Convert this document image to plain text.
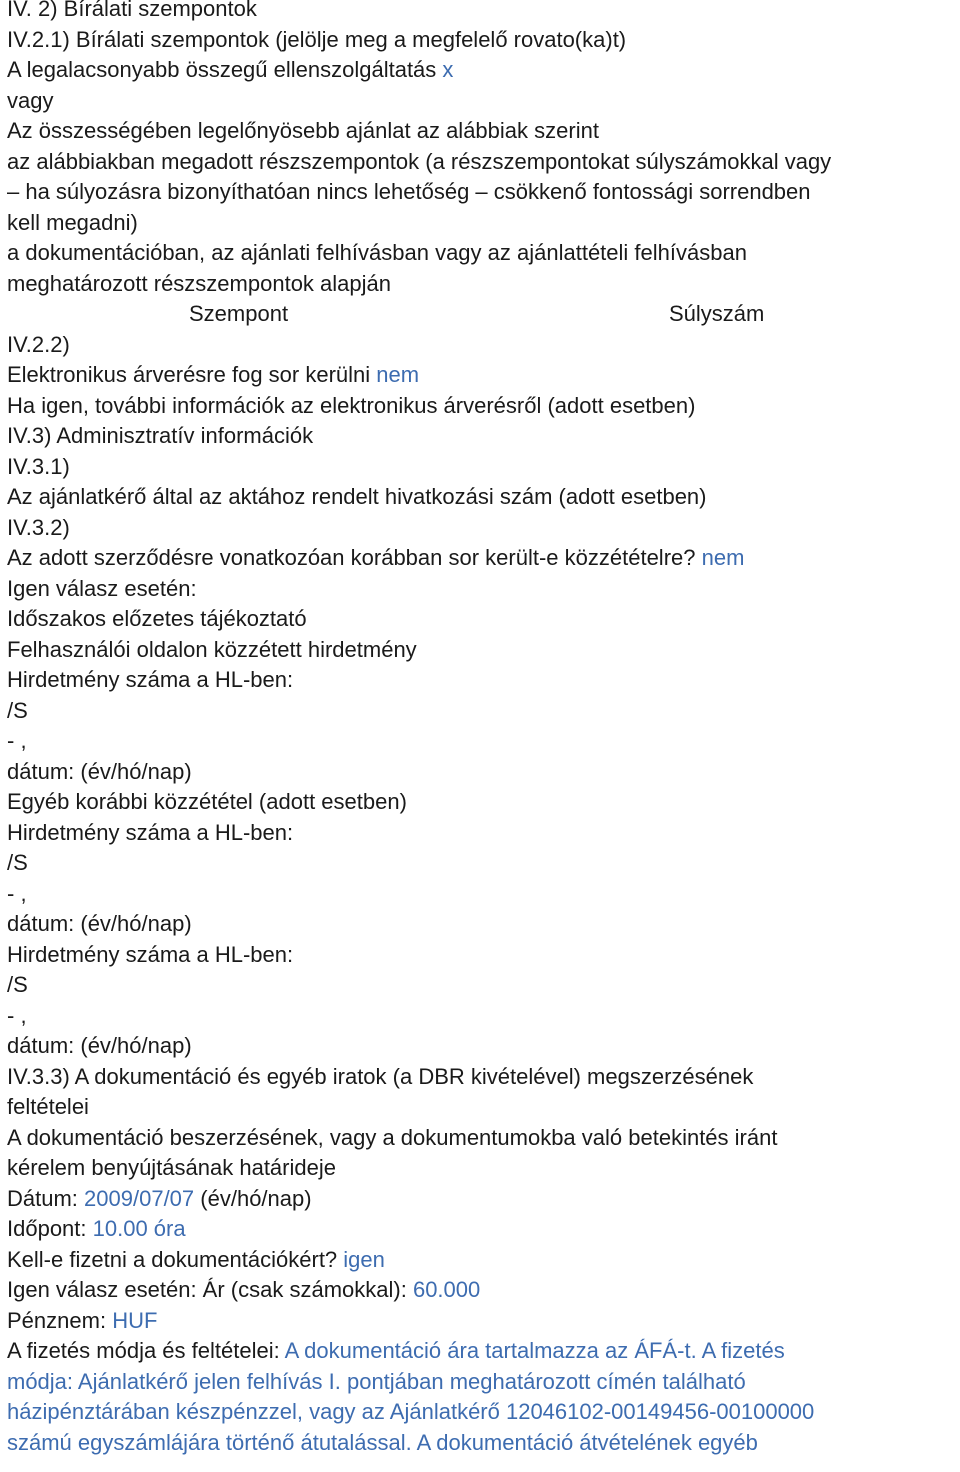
IV. 2) Bírálati szempontok
IV.2.1) Bírálati szempontok (jelölje meg a megfelelő rovato(ka)t)
A legalacsonyabb összegű ellenszolgáltatás x
vagy
Az összességében legelőnyösebb ajánlat az alábbiak szerint
az alábbiakban megadott részszempontok (a részszempontokat súlyszámokkal vagy
– ha súlyozásra bizonyíthatóan nincs lehetőség – csökkenő fontossági sorrendben
kell megadni)
a dokumentációban, az ajánlati felhívásban vagy az ajánlattételi felhívásban
meghatározott részszempontok alapján
Szempont	Súlyszám
IV.2.2)
Elektronikus árverésre fog sor kerülni nem
Ha igen, további információk az elektronikus árverésről (adott esetben)
IV.3) Adminisztratív információk
IV.3.1)
Az ajánlatkérő által az aktához rendelt hivatkozási szám (adott esetben)
IV.3.2)
Az adott szerződésre vonatkozóan korábban sor került-e közzétételre? nem
Igen válasz esetén:
Időszakos előzetes tájékoztató
Felhasználói oldalon közzétett hirdetmény
Hirdetmény száma a HL-ben:
/S
- ,
dátum: (év/hó/nap)
Egyéb korábbi közzététel (adott esetben)
Hirdetmény száma a HL-ben:
/S
- ,
dátum: (év/hó/nap)
Hirdetmény száma a HL-ben:
/S
- ,
dátum: (év/hó/nap)
IV.3.3) A dokumentáció és egyéb iratok (a DBR kivételével) megszerzésének
feltételei
A dokumentáció beszerzésének, vagy a dokumentumokba való betekintés iránt
kérelem benyújtásának határideje
Dátum: 2009/07/07 (év/hó/nap)
Időpont: 10.00 óra
Kell-e fizetni a dokumentációkért? igen
Igen válasz esetén: Ár (csak számokkal): 60.000
Pénznem: HUF
A fizetés módja és feltételei: A dokumentáció ára tartalmazza az ÁFÁ-t. A fizetés
módja: Ajánlatkérő jelen felhívás I. pontjában meghatározott címén található
házipénztárában készpénzzel, vagy az Ajánlatkérő 12046102-00149456-00100000
számú egyszámlájára történő átutalással. A dokumentáció átvételének egyéb
